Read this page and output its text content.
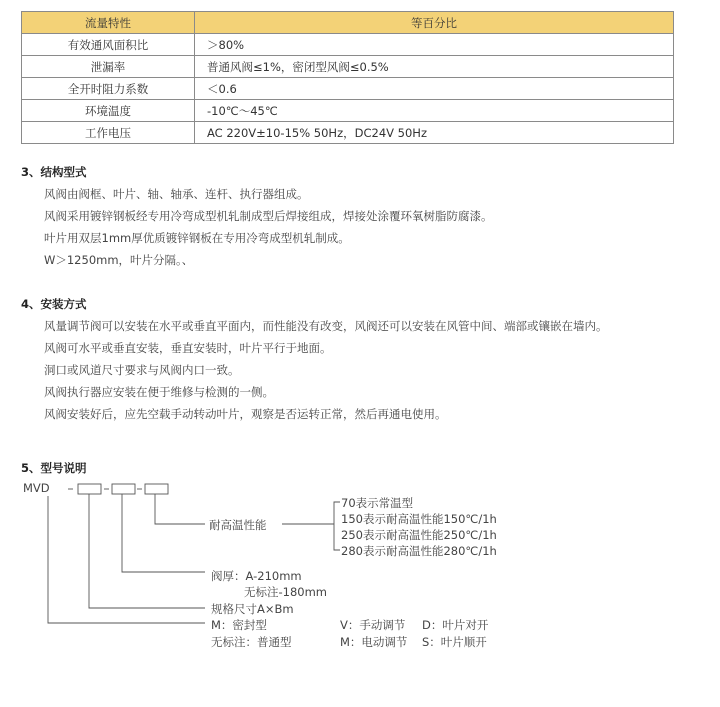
流量特性	等百分比
有效通风面积比	＞80%
泄漏率	普通风阀≤1%，密闭型风阀≤0.5%
全开时阻力系数	＜0.6
环境温度	-10℃～45℃
工作电压	AC 220V±10-15% 50Hz，DC24V 50Hz
3、结构型式
风阀由阀框、叶片、轴、轴承、连杆、执行器组成。
风阀采用镀锌钢板经专用冷弯成型机轧制成型后焊接组成，焊接处涂覆环氧树脂防腐漆。
叶片用双层1mm厚优质镀锌钢板在专用冷弯成型机轧制成。
W＞1250mm，叶片分隔。、
4、安装方式
风量调节阀可以安装在水平或垂直平面内，而性能没有改变，风阀还可以安装在风管中间、端部或镶嵌在墙内。
风阀可水平或垂直安装，垂直安装时，叶片平行于地面。
洞口或风道尺寸要求与风阀内口一致。
风阀执行器应安装在便于维修与检测的一侧。
风阀安装好后，应先空载手动转动叶片，观察是否运转正常，然后再通电使用。
5、型号说明
MVD
耐高温性能
70表示常温型
150表示耐高温性能150℃/1h
250表示耐高温性能250℃/1h
280表示耐高温性能280℃/1h
阀厚：A-210mm
无标注-180mm
规格尺寸A×Bm
M：密封型
无标注：普通型
V：手动调节
M：电动调节
D：叶片对开
S：叶片顺开
